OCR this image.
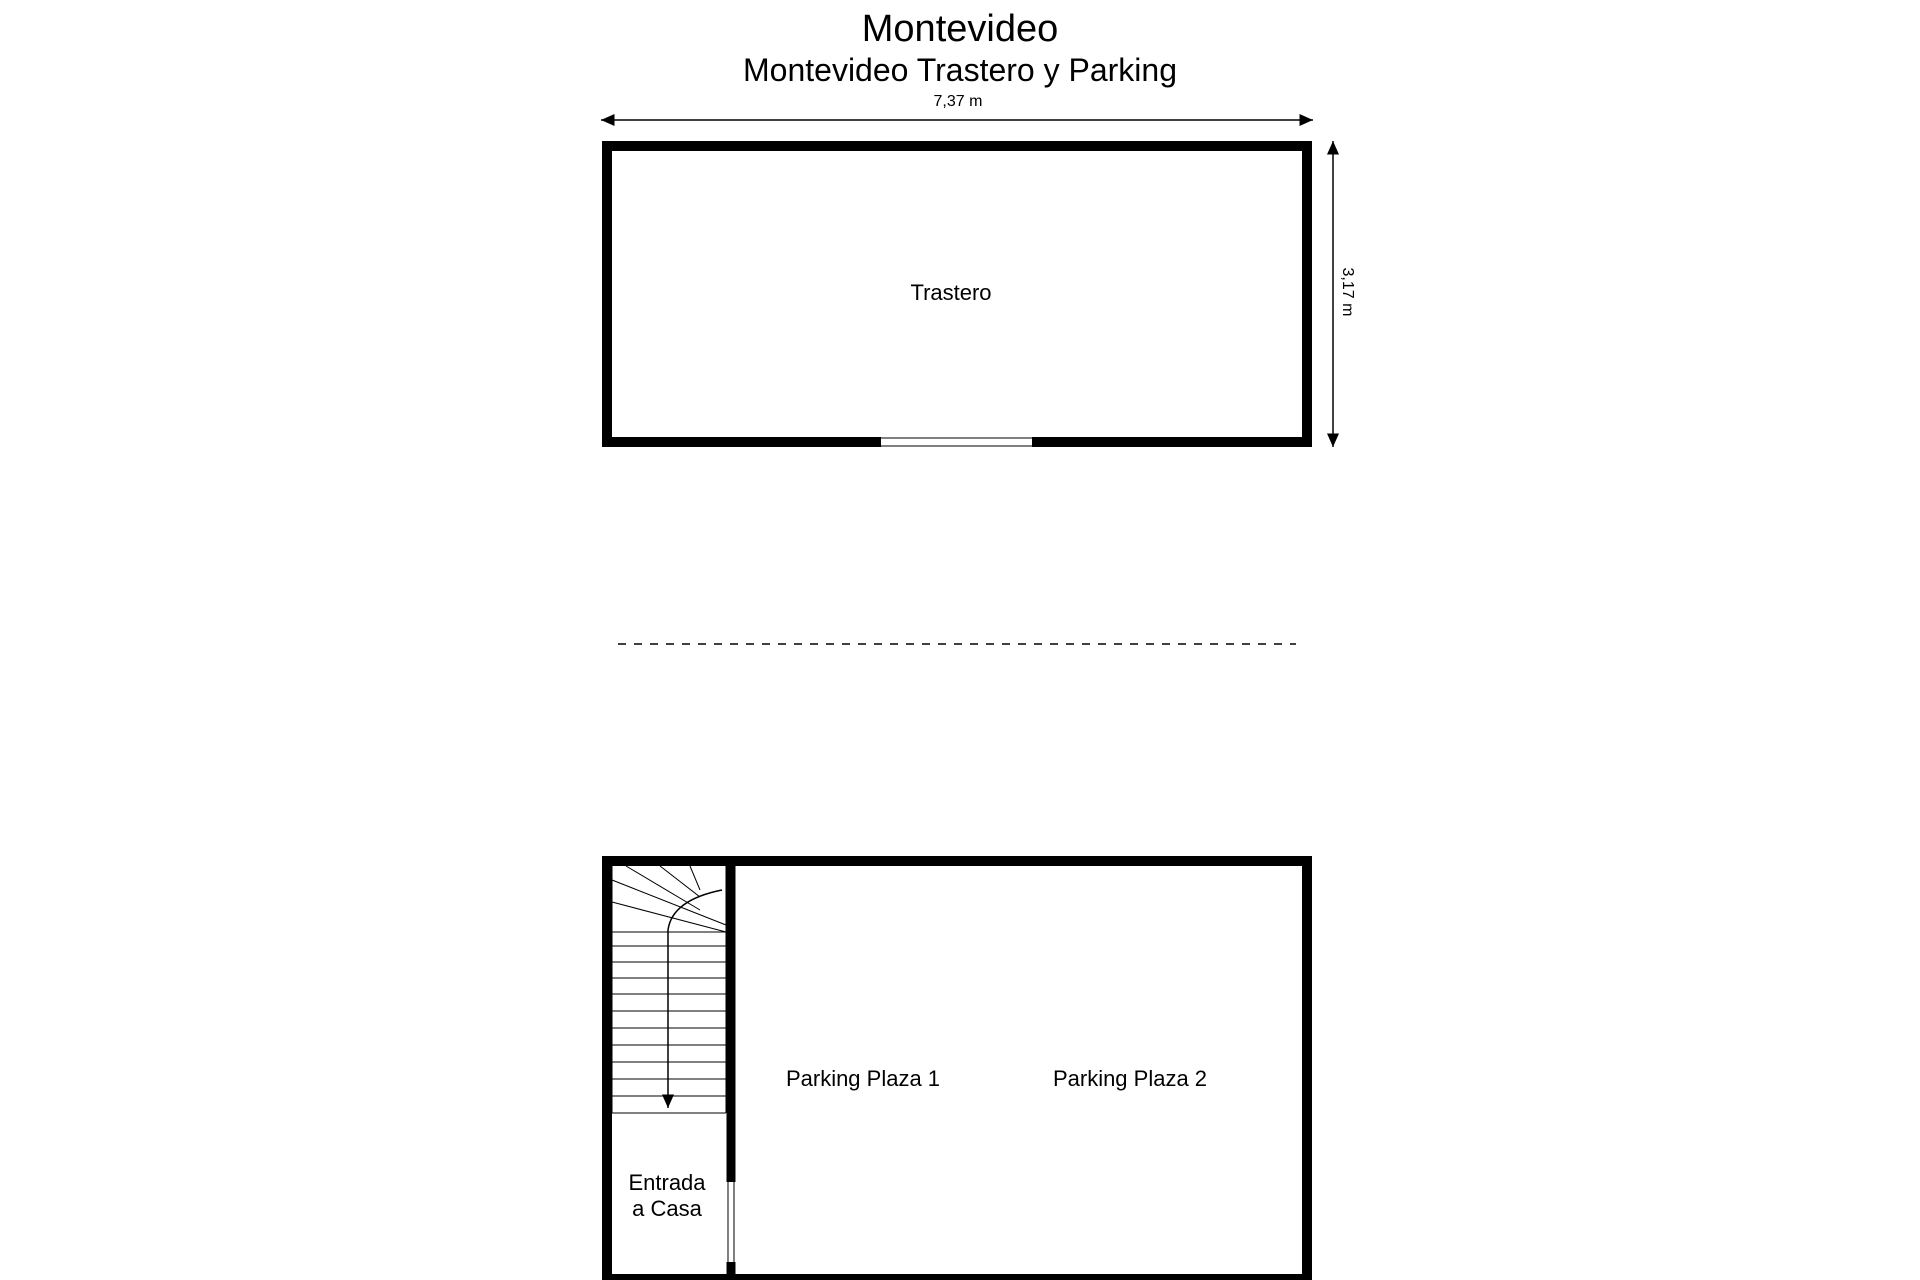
Montevideo
Montevideo Trastero y Parking
7,37 m
3,17 m
Trastero
Parking Plaza 1	Parking Plaza 2
Entrada
a Casa
